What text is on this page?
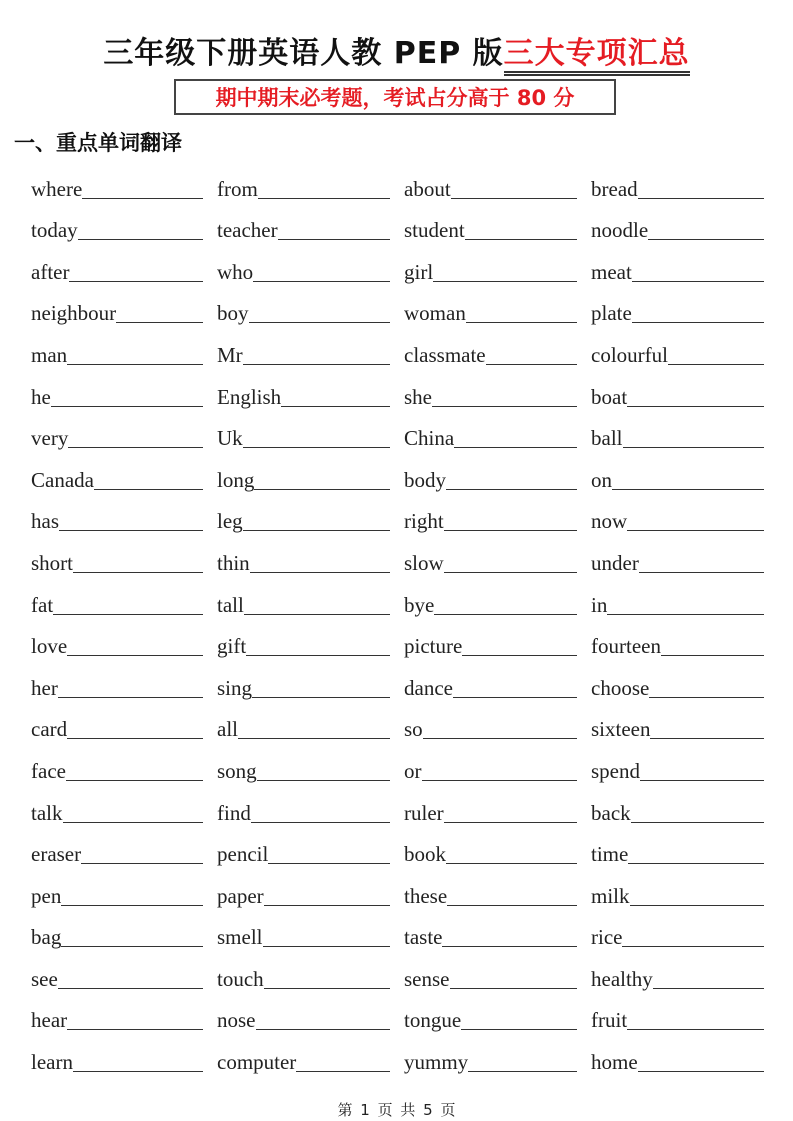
三年级下册英语人教 PEP 版三大专项汇总
期中期末必考题，考试占分高于 80 分
一、重点单词翻译
where	from	about	bread
today	teacher	student	noodle
after	who	girl	meat
neighbour	boy	woman	plate
man	Mr	classmate	colourful
he	English	she	boat
very	Uk	China	ball
Canada	long	body	on
has	leg	right	now
short	thin	slow	under
fat	tall	bye	in
love	gift	picture	fourteen
her	sing	dance	choose
card	all	so	sixteen
face	song	or	spend
talk	find	ruler	back
eraser	pencil	book	time
pen	paper	these	milk
bag	smell	taste	rice
see	touch	sense	healthy
hear	nose	tongue	fruit
learn	computer	yummy	home
第 1 页 共 5 页
